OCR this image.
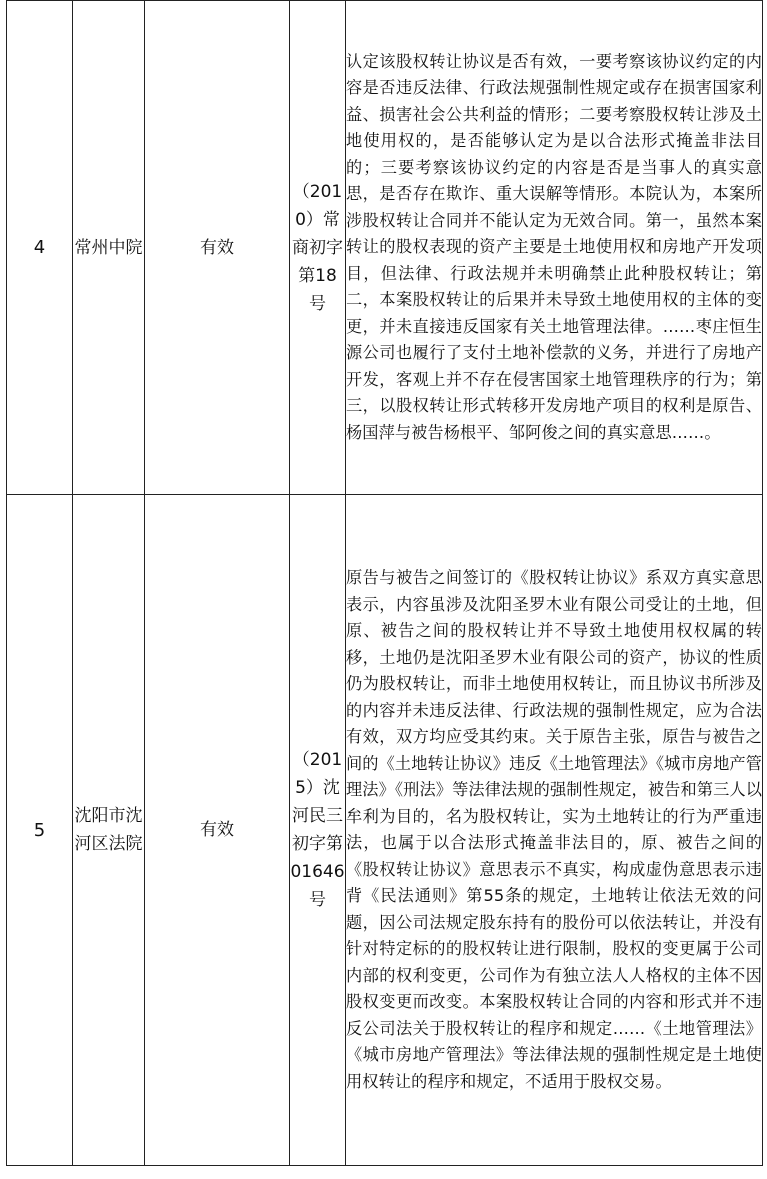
4	常州中院	有效	（2010）常商初字第18号	认定该股权转让协议是否有效，一要考察该协议约定的内容是否违反法律、行政法规强制性规定或存在损害国家利益、损害社会公共利益的情形；二要考察股权转让涉及土地使用权的，是否能够认定为是以合法形式掩盖非法目的；三要考察该协议约定的内容是否是当事人的真实意思，是否存在欺诈、重大误解等情形。本院认为，本案所涉股权转让合同并不能认定为无效合同。第一，虽然本案转让的股权表现的资产主要是土地使用权和房地产开发项目，但法律、行政法规并未明确禁止此种股权转让；第二，本案股权转让的后果并未导致土地使用权的主体的变更，并未直接违反国家有关土地管理法律。……枣庄恒生源公司也履行了支付土地补偿款的义务，并进行了房地产开发，客观上并不存在侵害国家土地管理秩序的行为；第三，以股权转让形式转移开发房地产项目的权利是原告、杨国萍与被告杨根平、邹阿俊之间的真实意思……。
5	沈阳市沈河区法院	有效	（2015）沈河民三初字第01646号	原告与被告之间签订的《股权转让协议》系双方真实意思表示，内容虽涉及沈阳圣罗木业有限公司受让的土地，但原、被告之间的股权转让并不导致土地使用权权属的转移，土地仍是沈阳圣罗木业有限公司的资产，协议的性质仍为股权转让，而非土地使用权转让，而且协议书所涉及的内容并未违反法律、行政法规的强制性规定，应为合法有效，双方均应受其约束。关于原告主张，原告与被告之间的《土地转让协议》违反《土地管理法》《城市房地产管理法》《刑法》等法律法规的强制性规定，被告和第三人以牟利为目的，名为股权转让，实为土地转让的行为严重违法，也属于以合法形式掩盖非法目的，原、被告之间的《股权转让协议》意思表示不真实，构成虚伪意思表示违背《民法通则》第55条的规定，土地转让依法无效的问题，因公司法规定股东持有的股份可以依法转让，并没有针对特定标的的股权转让进行限制，股权的变更属于公司内部的权利变更，公司作为有独立法人人格权的主体不因股权变更而改变。本案股权转让合同的内容和形式并不违反公司法关于股权转让的程序和规定……《土地管理法》《城市房地产管理法》等法律法规的强制性规定是土地使用权转让的程序和规定，不适用于股权交易。
